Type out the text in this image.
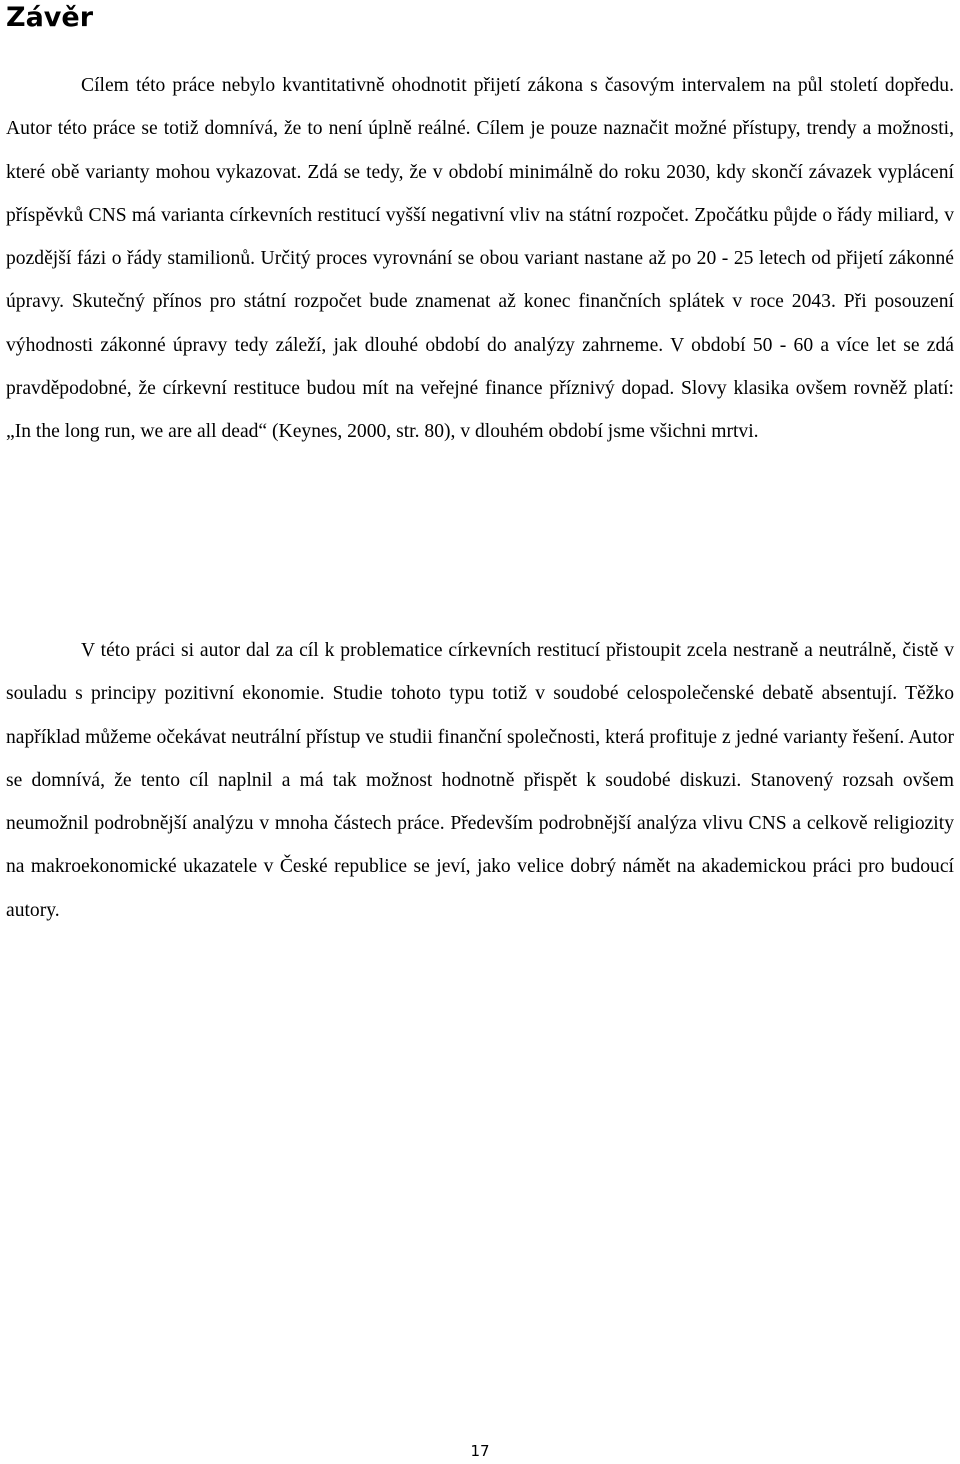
Závěr

Cílem této práce nebylo kvantitativně ohodnotit přijetí zákona s časovým intervalem na půl století dopředu. Autor této práce se totiž domnívá, že to není úplně reálné. Cílem je pouze naznačit možné přístupy, trendy a možnosti, které obě varianty mohou vykazovat. Zdá se tedy, že v období minimálně do roku 2030, kdy skončí závazek vyplácení příspěvků CNS má varianta církevních restitucí vyšší negativní vliv na státní rozpočet. Zpočátku půjde o řády miliard, v pozdější fázi o řády stamilionů. Určitý proces vyrovnání se obou variant nastane až po 20 - 25 letech od přijetí zákonné úpravy. Skutečný přínos pro státní rozpočet bude znamenat až konec finančních splátek v roce 2043. Při posouzení výhodnosti zákonné úpravy tedy záleží, jak dlouhé období do analýzy zahrneme. V období 50 - 60 a více let se zdá pravděpodobné, že církevní restituce budou mít na veřejné finance příznivý dopad. Slovy klasika ovšem rovněž platí: „In the long run, we are all dead“ (Keynes, 2000, str. 80), v dlouhém období jsme všichni mrtvi.

V této práci si autor dal za cíl k problematice církevních restitucí přistoupit zcela nestraně a neutrálně, čistě v souladu s principy pozitivní ekonomie. Studie tohoto typu totiž v soudobé celospolečenské debatě absentují. Těžko například můžeme očekávat neutrální přístup ve studii finanční společnosti, která profituje z jedné varianty řešení. Autor se domnívá, že tento cíl naplnil a má tak možnost hodnotně přispět k soudobé diskuzi. Stanovený rozsah ovšem neumožnil podrobnější analýzu v mnoha částech práce. Především podrobnější analýza vlivu CNS a celkově religiozity na makroekonomické ukazatele v České republice se jeví, jako velice dobrý námět na akademickou práci pro budoucí autory.

17
